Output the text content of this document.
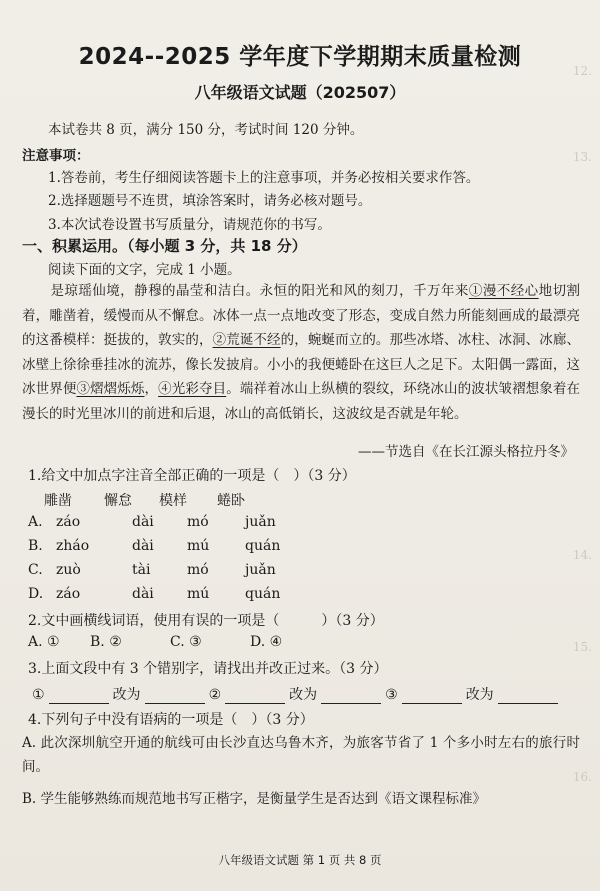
12.
13.
14.
15.
16.
2024--2025 学年度下学期期末质量检测
八年级语文试题（202507）
本试卷共 8 页，满分 150 分，考试时间 120 分钟。
注意事项：
1.答卷前，考生仔细阅读答题卡上的注意事项，并务必按相关要求作答。
2.选择题题号不连贯，填涂答案时，请务必核对题号。
3.本次试卷设置书写质量分，请规范你的书写。
一、积累运用。（每小题 3 分，共 18 分）
阅读下面的文字，完成 1 小题。
是琼瑶仙境，静穆的晶莹和洁白。永恒的阳光和风的刻刀，千万年来①漫不经心地切割着，雕凿着，缓慢而从不懈怠。冰体一点一点地改变了形态，变成自然力所能刻画成的最漂亮的这番模样：挺拔的，敦实的，②荒诞不经的，蜿蜒而立的。那些冰塔、冰柱、冰洞、冰廊、冰壁上徐徐垂挂冰的流苏，像长发披肩。小小的我便蜷卧在这巨人之足下。太阳偶一露面，这冰世界便③熠熠烁烁，④光彩夺目。端祥着冰山上纵横的裂纹，环绕冰山的波状皱褶想象着在漫长的时光里冰川的前进和后退，冰山的高低销长，这波纹是否就是年轮。
——节选自《在长江源头格拉丹冬》
1.给文中加点字注音全部正确的一项是（　）（3 分）
雕凿 懈怠 模样 蜷卧
A. záo	dài mó	juǎn
B. zháo	dài mú	quán
C. zuò	tài	mó	juǎn
D. záo	dài mú	quán
2.文中画横线词语，使用有误的一项是（　　　）（3 分）
A. ① B. ②	C. ③	D. ④
3.上面文段中有 3 个错别字，请找出并改正过来。（3 分）
①	改为	②	改为	③	改为
4.下列句子中没有语病的一项是（　）（3 分）
A. 此次深圳航空开通的航线可由长沙直达乌鲁木齐，为旅客节省了 1 个多小时左右的旅行时间。
B. 学生能够熟练而规范地书写正楷字，是衡量学生是否达到《语文课程标准》
八年级语文试题 第 1 页 共 8 页
